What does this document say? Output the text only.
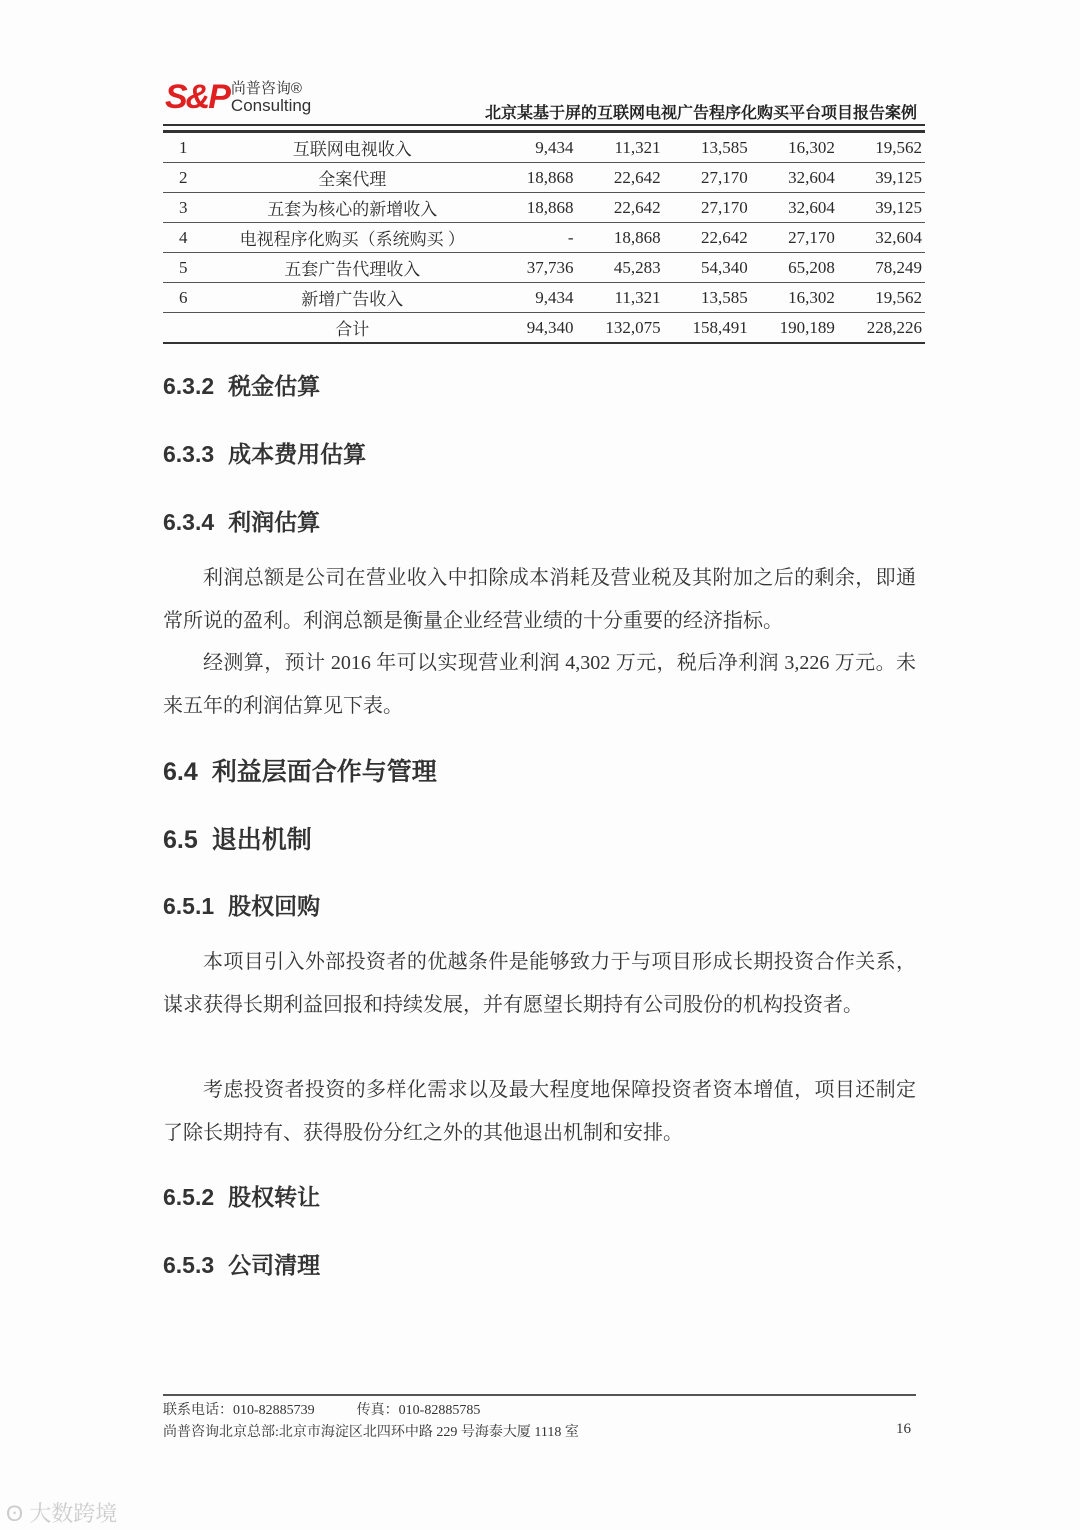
S&P 尚普咨询®
Consulting	北京某基于屏的互联网电视广告程序化购买平台项目报告案例
1	互联网电视收入	9,434	11,321	13,585	16,302	19,562
2	全案代理	18,868	22,642	27,170	32,604	39,125
3	五套为核心的新增收入	18,868	22,642	27,170	32,604	39,125
4	电视程序化购买（系统购买 ）	-	18,868	22,642	27,170	32,604
5	五套广告代理收入	37,736	45,283	54,340	65,208	78,249
6	新增广告收入	9,434	11,321	13,585	16,302	19,562
	合计	94,340	132,075	158,491	190,189	228,226
6.3.2 税金估算
6.3.3 成本费用估算
6.3.4 利润估算

利润总额是公司在营业收入中扣除成本消耗及营业税及其附加之后的剩余，即通常所说的盈利。利润总额是衡量企业经营业绩的十分重要的经济指标。

经测算，预计 2016 年可以实现营业利润 4,302 万元，税后净利润 3,226 万元。未来五年的利润估算见下表。

6.4 利益层面合作与管理
6.5 退出机制
6.5.1 股权回购

本项目引入外部投资者的优越条件是能够致力于与项目形成长期投资合作关系，谋求获得长期利益回报和持续发展，并有愿望长期持有公司股份的机构投资者。

考虑投资者投资的多样化需求以及最大程度地保障投资者资本增值，项目还制定了除长期持有、获得股份分红之外的其他退出机制和安排。

6.5.2 股权转让
6.5.3 公司清理
联系电话：010-82885739　　　传真：010-82885785
尚普咨询北京总部:北京市海淀区北四环中路 229 号海泰大厦 1118 室	16
ʘ 大数跨境
